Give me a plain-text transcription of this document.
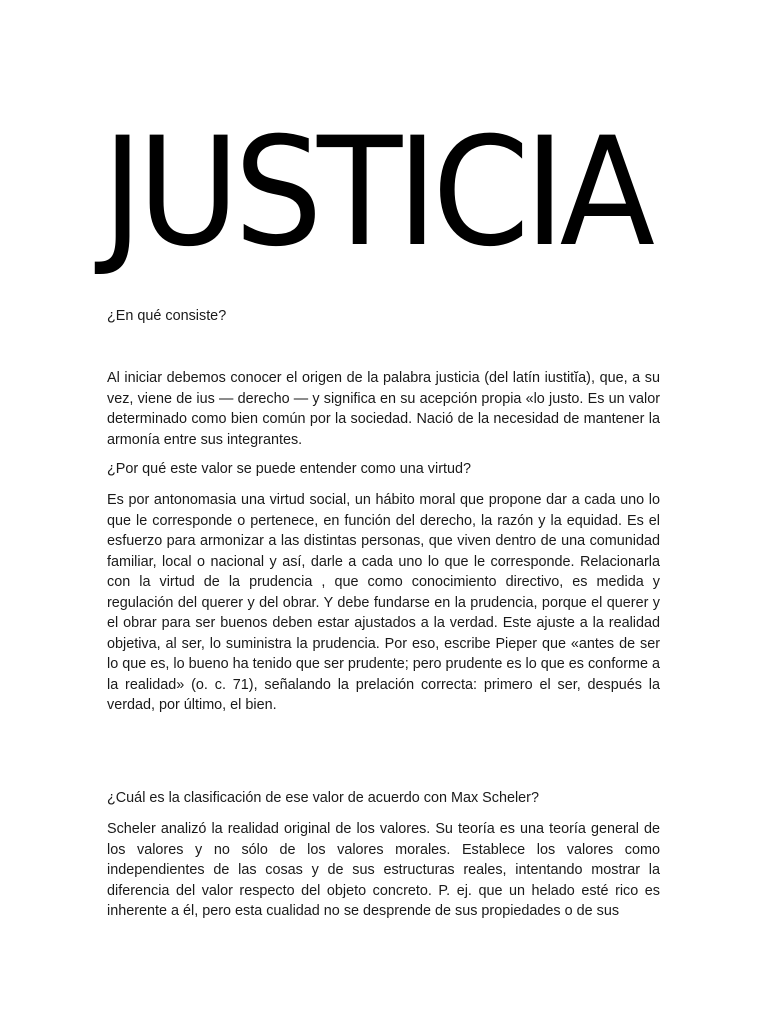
JUSTICIA

¿En qué consiste?

Al iniciar debemos conocer el origen de la palabra justicia (del latín iustitĭa), que, a su vez, viene de ius — derecho — y significa en su acepción propia «lo justo. Es un valor determinado como bien común por la sociedad. Nació de la necesidad de mantener la armonía entre sus integrantes.

¿Por qué este valor se puede entender como una virtud?

Es por antonomasia una virtud social, un hábito moral que propone dar a cada uno lo que le corresponde o pertenece, en función del derecho, la razón y la equidad. Es el esfuerzo para armonizar a las distintas personas, que viven dentro de una comunidad familiar, local o nacional y así, darle a cada uno lo que le corresponde. Relacionarla con la virtud de la prudencia , que como conocimiento directivo, es medida y regulación del querer y del obrar. Y debe fundarse en la prudencia, porque el querer y el obrar para ser buenos deben estar ajustados a la verdad. Este ajuste a la realidad objetiva, al ser, lo suministra la prudencia. Por eso, escribe Pieper que «antes de ser lo que es, lo bueno ha tenido que ser prudente; pero prudente es lo que es conforme a la realidad» (o. c. 71), señalando la prelación correcta: primero el ser, después la verdad, por último, el bien.

¿Cuál es la clasificación de ese valor de acuerdo con Max Scheler?

Scheler analizó la realidad original de los valores. Su teoría es una teoría general de los valores y no sólo de los valores morales. Establece los valores como independientes de las cosas y de sus estructuras reales, intentando mostrar la diferencia del valor respecto del objeto concreto. P. ej. que un helado esté rico es inherente a él, pero esta cualidad no se desprende de sus propiedades o de sus
